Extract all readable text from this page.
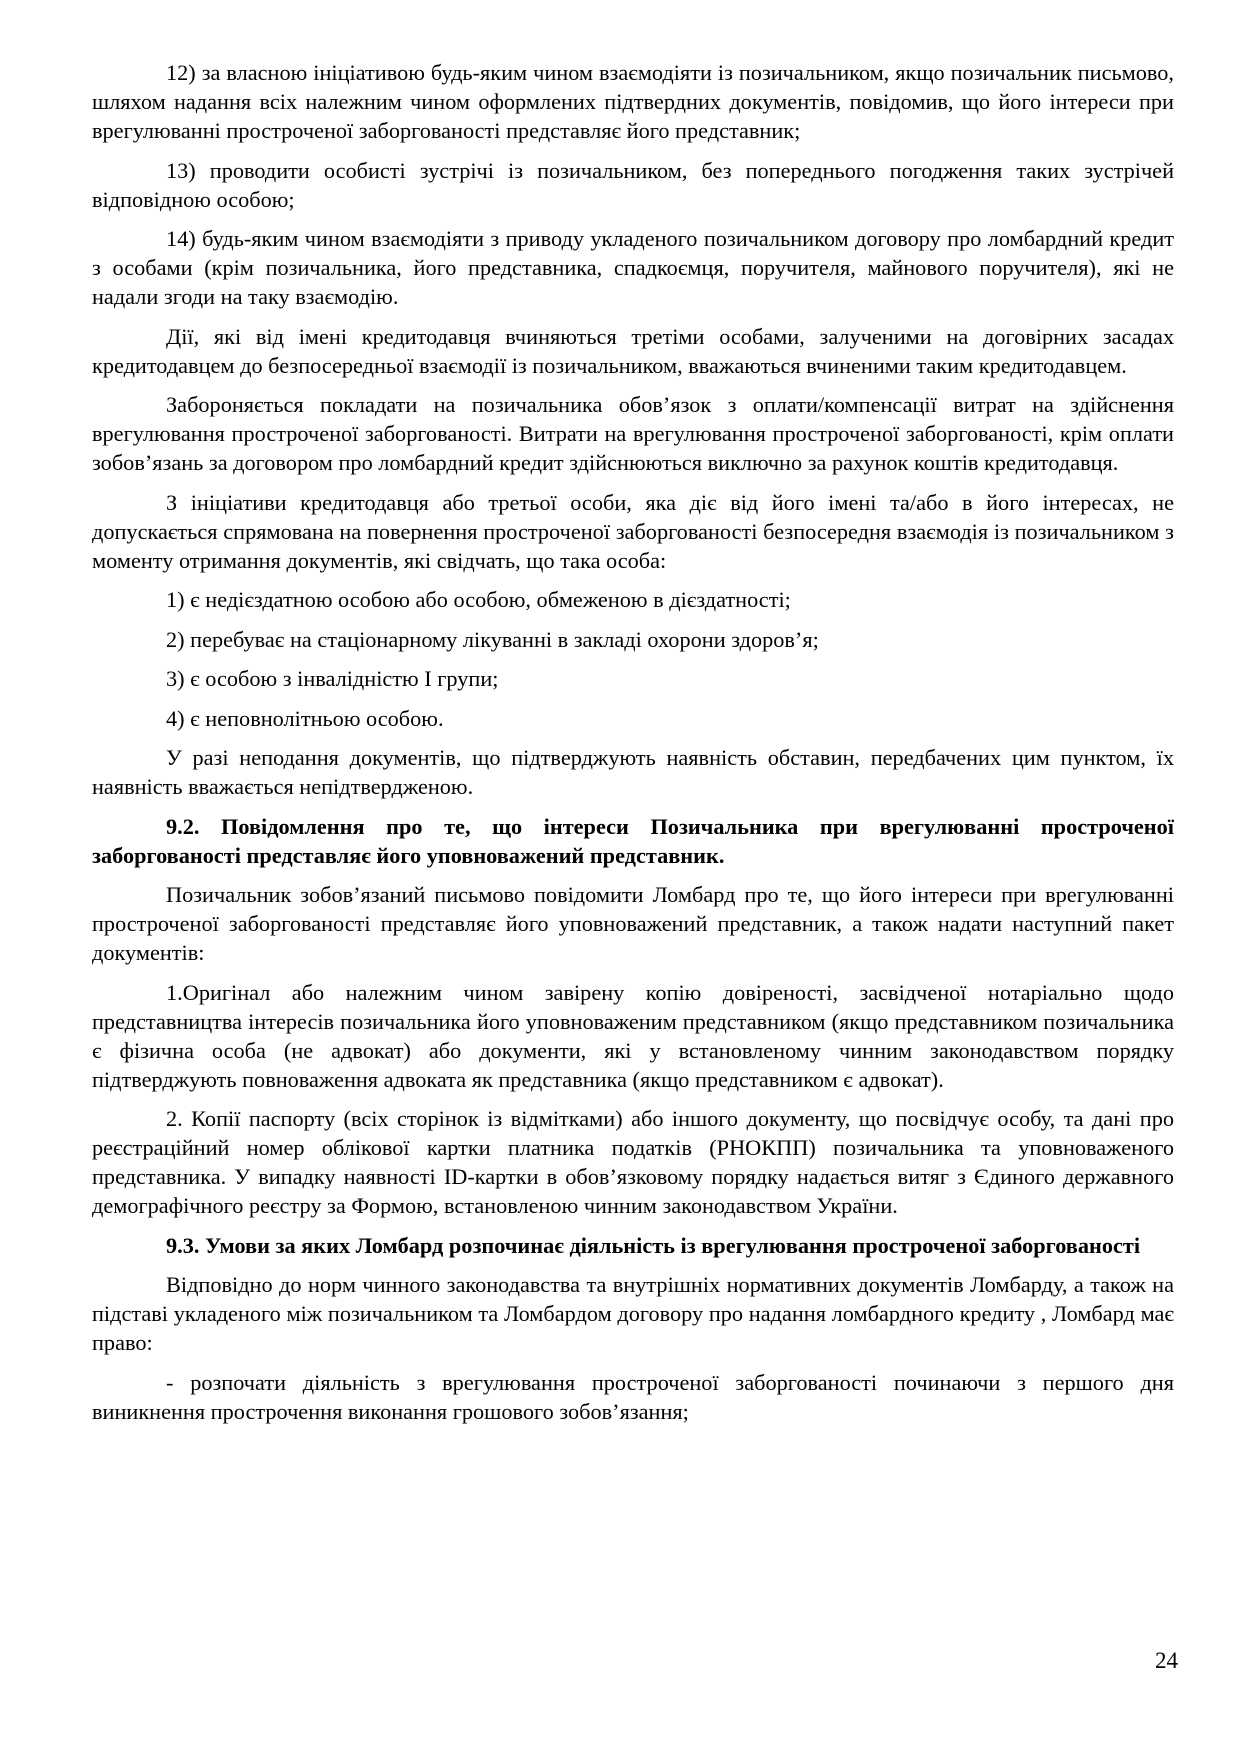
12) за власною ініціативою будь-яким чином взаємодіяти із позичальником, якщо позичальник письмово, шляхом надання всіх належним чином оформлених підтвердних документів, повідомив, що його інтереси при врегулюванні простроченої заборгованості представляє його представник;

13) проводити особисті зустрічі із позичальником, без попереднього погодження таких зустрічей відповідною особою;

14) будь-яким чином взаємодіяти з приводу укладеного позичальником договору про ломбардний кредит з особами (крім позичальника, його представника, спадкоємця, поручителя, майнового поручителя), які не надали згоди на таку взаємодію.

Дії, які від імені кредитодавця вчиняються третіми особами, залученими на договірних засадах кредитодавцем до безпосередньої взаємодії із позичальником, вважаються вчиненими таким кредитодавцем.

Забороняється покладати на позичальника обов’язок з оплати/компенсації витрат на здійснення врегулювання простроченої заборгованості. Витрати на врегулювання простроченої заборгованості, крім оплати зобов’язань за договором про ломбардний кредит здійснюються виключно за рахунок коштів кредитодавця.

З ініціативи кредитодавця або третьої особи, яка діє від його імені та/або в його інтересах, не допускається спрямована на повернення простроченої заборгованості безпосередня взаємодія із позичальником з моменту отримання документів, які свідчать, що така особа:

1) є недієздатною особою або особою, обмеженою в дієздатності;

2) перебуває на стаціонарному лікуванні в закладі охорони здоров’я;

3) є особою з інвалідністю I групи;

4) є неповнолітньою особою.

У разі неподання документів, що підтверджують наявність обставин, передбачених цим пунктом, їх наявність вважається непідтвердженою.

9.2. Повідомлення про те, що інтереси Позичальника при врегулюванні простроченої заборгованості представляє його уповноважений представник.

Позичальник зобов’язаний письмово повідомити Ломбард про те, що його інтереси при врегулюванні простроченої заборгованості представляє його уповноважений представник, а також надати наступний пакет документів:

1.Оригінал або належним чином завірену копію довіреності, засвідченої нотаріально щодо представництва інтересів позичальника його уповноваженим представником (якщо представником позичальника є фізична особа (не адвокат) або документи, які у встановленому чинним законодавством порядку підтверджують повноваження адвоката як представника (якщо представником є адвокат).

2. Копії паспорту (всіх сторінок із відмітками) або іншого документу, що посвідчує особу, та дані про реєстраційний номер облікової картки платника податків (РНОКПП) позичальника та уповноваженого представника. У випадку наявності ID-картки в обов’язковому порядку надається витяг з Єдиного державного демографічного реєстру за Формою, встановленою чинним законодавством України.

9.3. Умови за яких Ломбард розпочинає діяльність із врегулювання простроченої заборгованості

Відповідно до норм чинного законодавства та внутрішніх нормативних документів Ломбарду, а також на підставі укладеного між позичальником та Ломбардом договору про надання ломбардного кредиту , Ломбард має право:

- розпочати діяльність з врегулювання простроченої заборгованості починаючи з першого дня виникнення прострочення виконання грошового зобов’язання;

24
